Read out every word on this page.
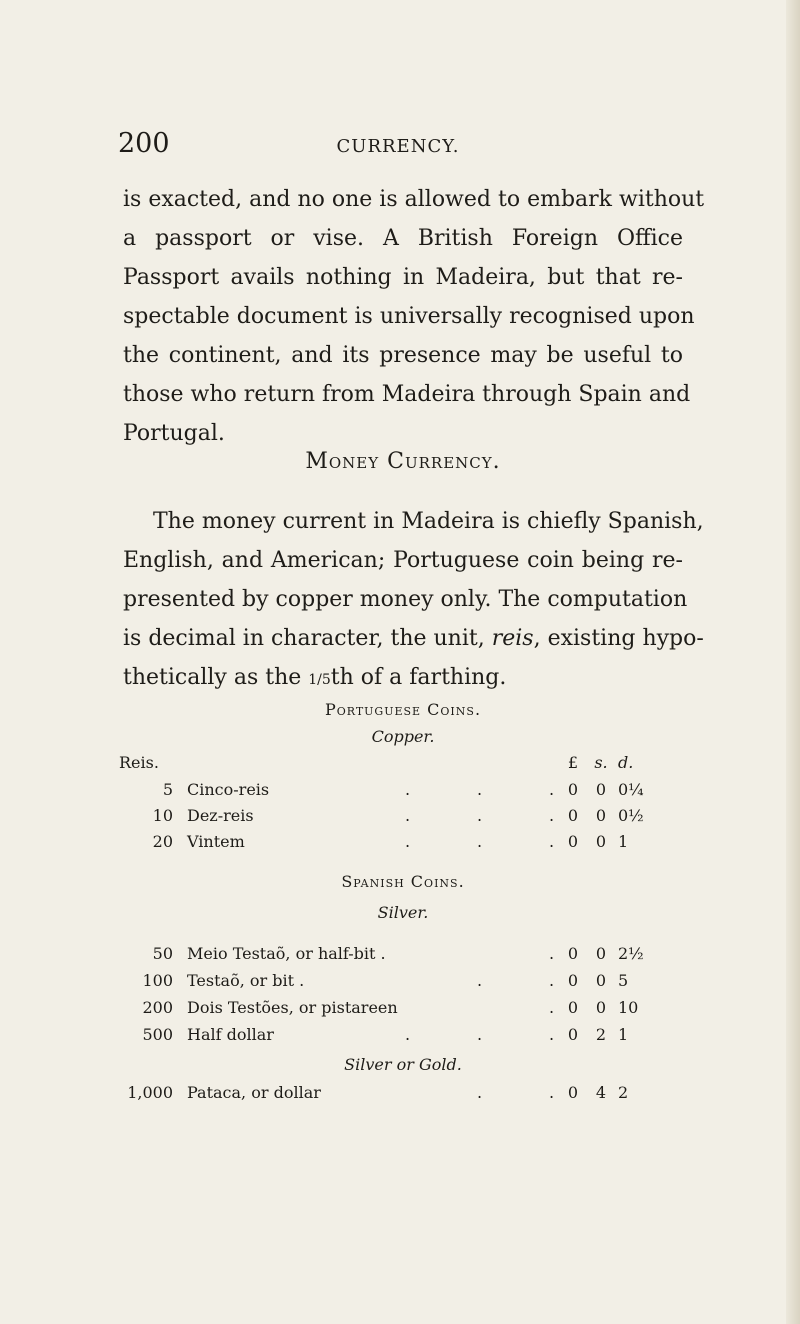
200	CURRENCY.

is exacted, and no one is allowed to embark without
a passport or vise. A British Foreign Office
Passport avails nothing in Madeira, but that re-
spectable document is universally recognised upon
the continent, and its presence may be useful to
those who return from Madeira through Spain and
Portugal.

Money Currency.

The money current in Madeira is chiefly Spanish,
English, and American; Portuguese coin being re-
presented by copper money only. The computation
is decimal in character, the unit, reis, existing hypo-
thetically as the 1/5th of a farthing.

Portuguese Coins.
Copper.
Reis.	£	s. d.
5 Cinco-reis	.	.	. 0	0 0¼
10 Dez-reis	.	.	. 0	0 0½
20 Vintem	.	.	. 0	0 1
Spanish Coins.
Silver.
50 Meio Testaõ, or half-bit .	. 0	0 2½
100 Testaõ, or bit .	.	. 0	0 5
200 Dois Testões, or pistareen	. 0	0 10
500 Half dollar	.	.	. 0	2 1
Silver or Gold.
1,000 Pataca, or dollar	.	. 0	4 2
